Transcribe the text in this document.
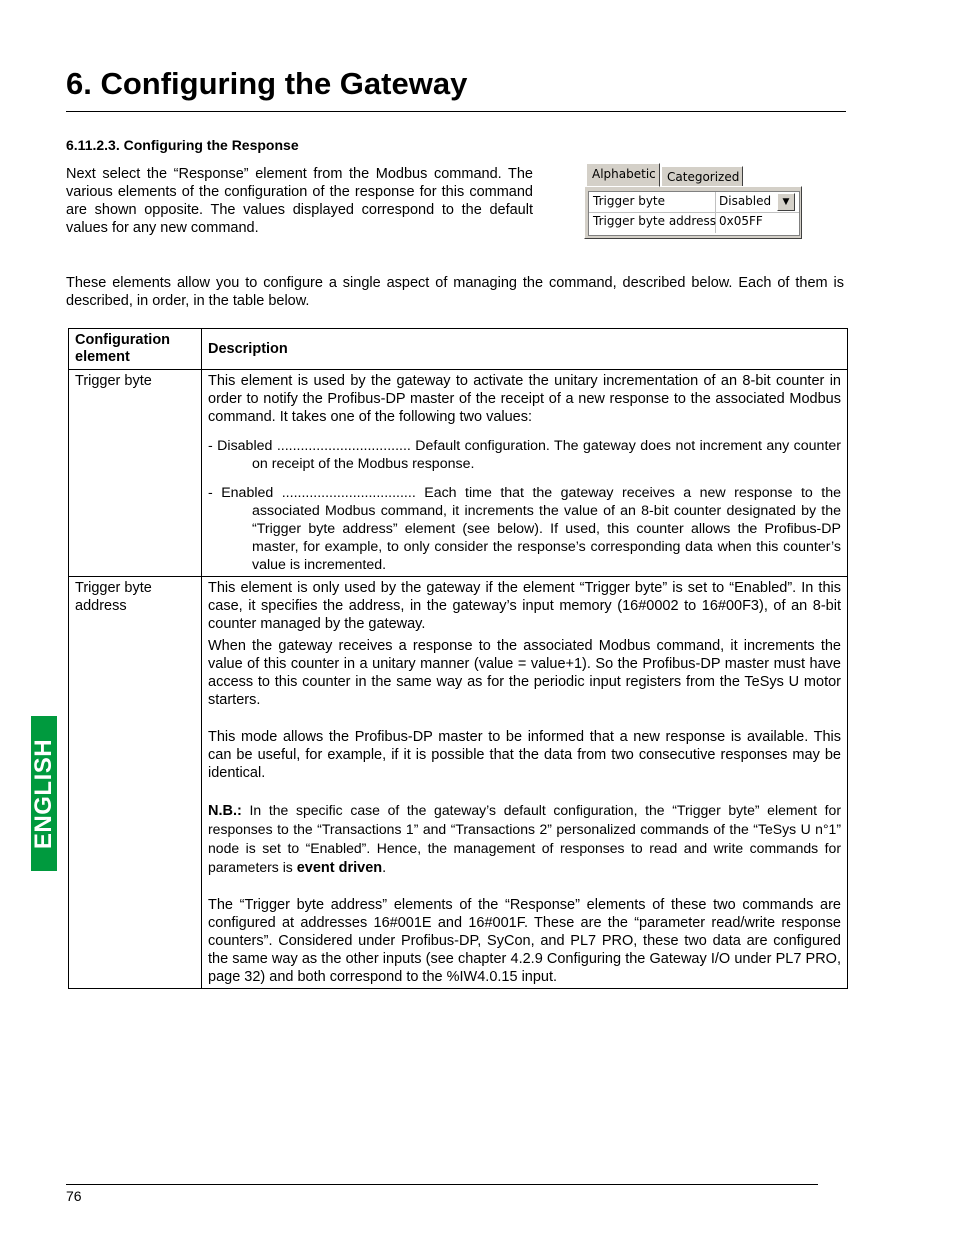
6. Configuring the Gateway
6.11.2.3. Configuring the Response

Next select the “Response” element from the Modbus command. The various elements of the configuration of the response for this command are shown opposite. The values displayed correspond to the default values for any new command.

Alphabetic Categorized
Trigger byte	Disabled	▼
Trigger byte address 0x05FF

These elements allow you to configure a single aspect of managing the command, described below. Each of them is described, in order, in the table below.

Configuration element	Description
Trigger byte	This element is used by the gateway to activate the unitary incrementation of an 8-bit counter in order to notify the Profibus-DP master of the receipt of a new response to the associated Modbus command. It takes one of the following two values:

- Disabled .................................. Default configuration. The gateway does not increment any counter on receipt of the Modbus response.

- Enabled .................................. Each time that the gateway receives a new response to the associated Modbus command, it increments the value of an 8-bit counter designated by the “Trigger byte address” element (see below). If used, this counter allows the Profibus-DP master, for example, to only consider the response’s corresponding data when this counter’s value is incremented.

Trigger byte address	This element is only used by the gateway if the element “Trigger byte” is set to “Enabled”. In this case, it specifies the address, in the gateway’s input memory (16#0002 to 16#00F3), of an 8-bit counter managed by the gateway.

When the gateway receives a response to the associated Modbus command, it increments the value of this counter in a unitary manner (value = value+1). So the Profibus-DP master must have access to this counter in the same way as for the periodic input registers from the TeSys U motor starters.

This mode allows the Profibus-DP master to be informed that a new response is available. This can be useful, for example, if it is possible that the data from two consecutive responses may be identical.

N.B.: In the specific case of the gateway’s default configuration, the “Trigger byte” element for responses to the “Transactions 1” and “Transactions 2” personalized commands of the “TeSys U n°1” node is set to “Enabled”. Hence, the management of responses to read and write commands for parameters is event driven.

The “Trigger byte address” elements of the “Response” elements of these two commands are configured at addresses 16#001E and 16#001F. These are the “parameter read/write response counters”. Considered under Profibus-DP, SyCon, and PL7 PRO, these two data are configured the same way as the other inputs (see chapter 4.2.9 Configuring the Gateway I/O under PL7 PRO, page 32) and both correspond to the %IW4.0.15 input.

ENGLISH
76
